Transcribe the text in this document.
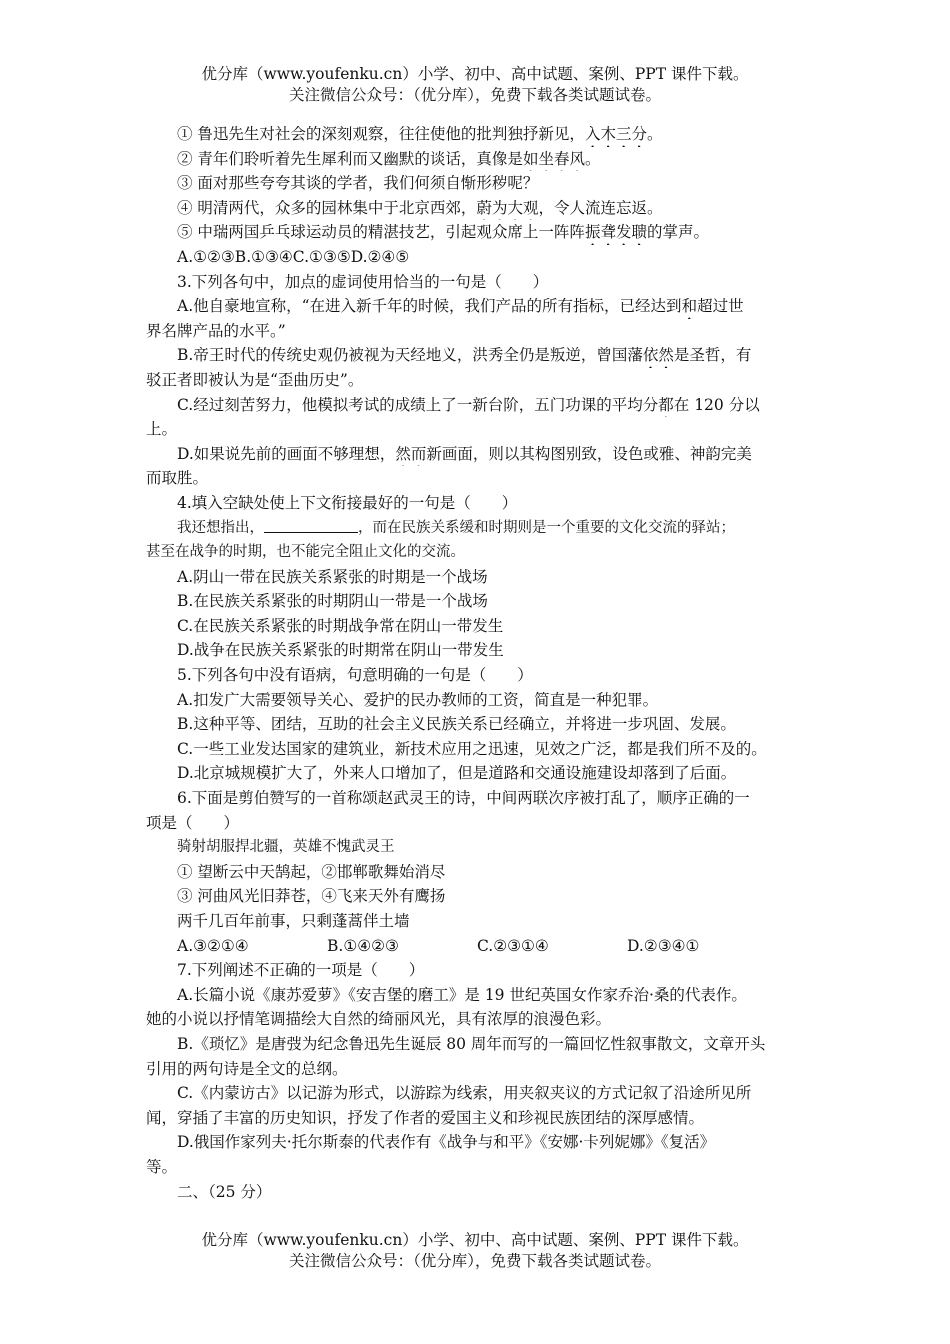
优分库（www.youfenku.cn）小学、初中、高中试题、案例、PPT 课件下载。
关注微信公众号：（优分库），免费下载各类试题试卷。
① 鲁迅先生对社会的深刻观察，往往使他的批判独抒新见，入木三分。
② 青年们聆听着先生犀利而又幽默的谈话，真像是如坐春风。
③ 面对那些夸夸其谈的学者，我们何须自惭形秽呢？
④ 明清两代，众多的园林集中于北京西郊，蔚为大观，令人流连忘返。
⑤ 中瑞两国乒乓球运动员的精湛技艺，引起观众席上一阵阵振聋发聩的掌声。
A.①②③B.①③④C.①③⑤D.②④⑤
3.下列各句中，加点的虚词使用恰当的一句是（　　）
A.他自豪地宣称，“在进入新千年的时候，我们产品的所有指标，已经达到和超过世
界名牌产品的水平。”
B.帝王时代的传统史观仍被视为天经地义，洪秀全仍是叛逆，曾国藩依然是圣哲，有
驳正者即被认为是“歪曲历史”。
C.经过刻苦努力，他模拟考试的成绩上了一新台阶，五门功课的平均分都在 120 分以
上。
D.如果说先前的画面不够理想，然而新画面，则以其构图别致，设色或雅、神韵完美
而取胜。
4.填入空缺处使上下文衔接最好的一句是（　　）
我还想指出，	，而在民族关系缓和时期则是一个重要的文化交流的驿站；
甚至在战争的时期，也不能完全阻止文化的交流。
A.阴山一带在民族关系紧张的时期是一个战场
B.在民族关系紧张的时期阴山一带是一个战场
C.在民族关系紧张的时期战争常在阴山一带发生
D.战争在民族关系紧张的时期常在阴山一带发生
5.下列各句中没有语病，句意明确的一句是（　　）
A.扣发广大需要领导关心、爱护的民办教师的工资，简直是一种犯罪。
B.这种平等、团结，互助的社会主义民族关系已经确立，并将进一步巩固、发展。
C.一些工业发达国家的建筑业，新技术应用之迅速，见效之广泛，都是我们所不及的。
D.北京城规模扩大了，外来人口增加了，但是道路和交通设施建设却落到了后面。
6.下面是剪伯赞写的一首称颂赵武灵王的诗，中间两联次序被打乱了，顺序正确的一
项是（　　）
骑射胡服捍北疆，英雄不愧武灵王
① 望断云中天鹄起，②邯郸歌舞始消尽
③ 河曲风光旧莽苍，④飞来天外有鹰扬
两千几百年前事，只剩蓬蒿伴土墙
A.③②①④	B.①④②③	C.②③①④	D.②③④①
7.下列阐述不正确的一项是（　　）
A.长篇小说《康苏爱萝》《安吉堡的磨工》是 19 世纪英国女作家乔治·桑的代表作。
她的小说以抒情笔调描绘大自然的绮丽风光，具有浓厚的浪漫色彩。
B.《琐忆》是唐弢为纪念鲁迅先生诞辰 80 周年而写的一篇回忆性叙事散文，文章开头
引用的两句诗是全文的总纲。
C.《内蒙访古》以记游为形式，以游踪为线索，用夹叙夹议的方式记叙了沿途所见所
闻，穿插了丰富的历史知识，抒发了作者的爱国主义和珍视民族团结的深厚感情。
D.俄国作家列夫·托尔斯泰的代表作有《战争与和平》《安娜·卡列妮娜》《复活》
等。
二、（25 分）
优分库（www.youfenku.cn）小学、初中、高中试题、案例、PPT 课件下载。
关注微信公众号：（优分库），免费下载各类试题试卷。
